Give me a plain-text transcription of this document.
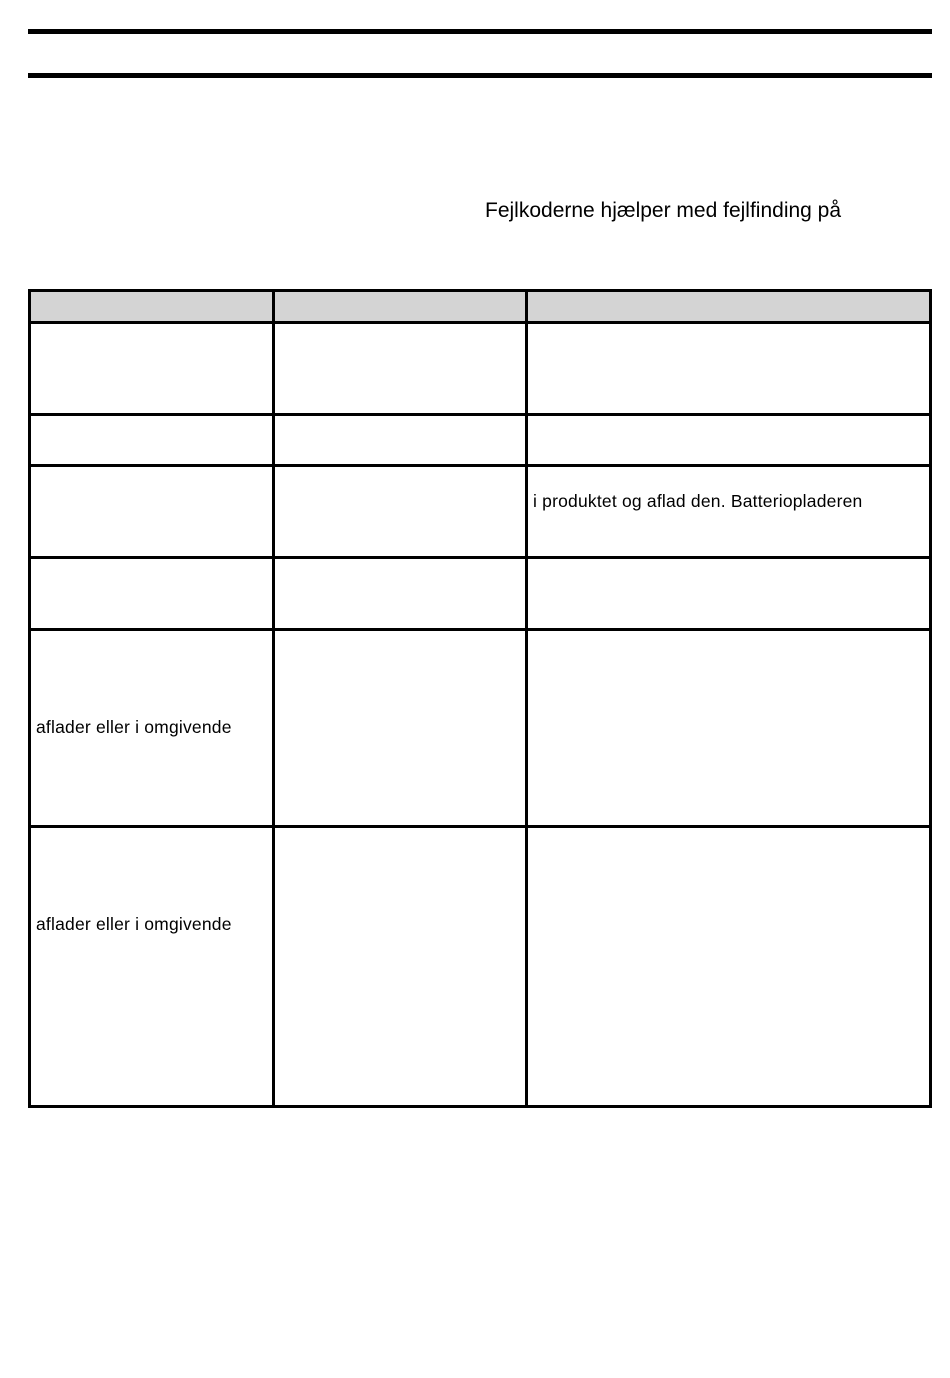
Fejlkoderne hjælper med fejlfinding på
i produktet og aflad den. Batteriopladeren
aflader eller i omgivende
aflader eller i omgivende
